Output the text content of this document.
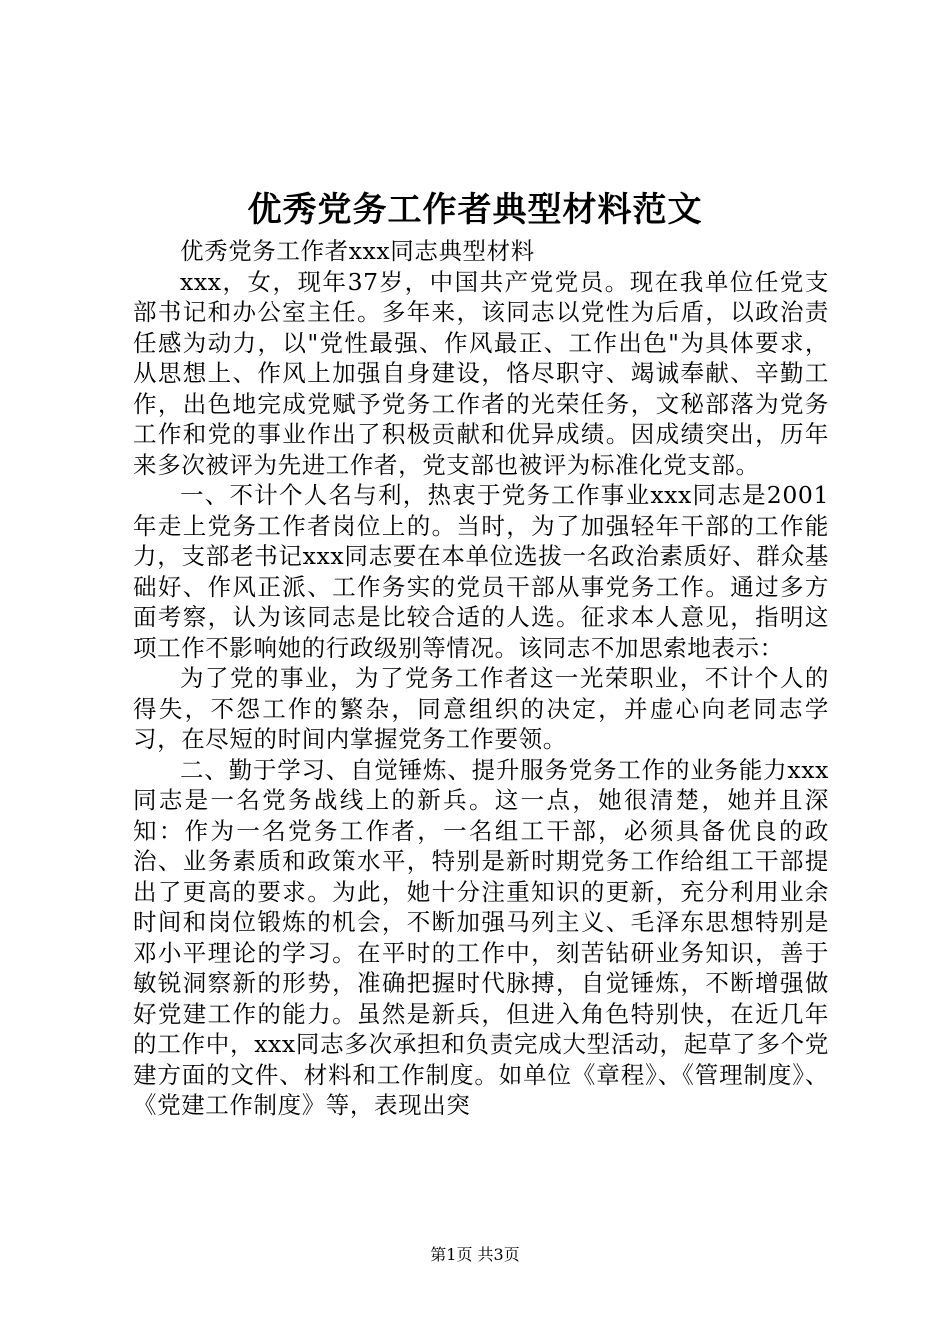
优秀党务工作者典型材料范文

优秀党务工作者xxx同志典型材料

xxx，女，现年37岁，中国共产党党员。现在我单位任党支部书记和办公室主任。多年来，该同志以党性为后盾，以政治责任感为动力，以"党性最强、作风最正、工作出色"为具体要求，从思想上、作风上加强自身建设，恪尽职守、竭诚奉献、辛勤工作，出色地完成党赋予党务工作者的光荣任务，文秘部落为党务工作和党的事业作出了积极贡献和优异成绩。因成绩突出，历年来多次被评为先进工作者，党支部也被评为标准化党支部。

一、不计个人名与利，热衷于党务工作事业xxx同志是2001年走上党务工作者岗位上的。当时，为了加强轻年干部的工作能力，支部老书记xxx同志要在本单位选拔一名政治素质好、群众基础好、作风正派、工作务实的党员干部从事党务工作。通过多方面考察，认为该同志是比较合适的人选。征求本人意见，指明这项工作不影响她的行政级别等情况。该同志不加思索地表示：

为了党的事业，为了党务工作者这一光荣职业，不计个人的得失，不怨工作的繁杂，同意组织的决定，并虚心向老同志学习，在尽短的时间内掌握党务工作要领。

二、勤于学习、自觉锤炼、提升服务党务工作的业务能力xxx同志是一名党务战线上的新兵。这一点，她很清楚，她并且深知：作为一名党务工作者，一名组工干部，必须具备优良的政治、业务素质和政策水平，特别是新时期党务工作给组工干部提出了更高的要求。为此，她十分注重知识的更新，充分利用业余时间和岗位锻炼的机会，不断加强马列主义、毛泽东思想特别是邓小平理论的学习。在平时的工作中，刻苦钻研业务知识，善于敏锐洞察新的形势，准确把握时代脉搏，自觉锤炼，不断增强做好党建工作的能力。虽然是新兵，但进入角色特别快，在近几年的工作中，xxx同志多次承担和负责完成大型活动，起草了多个党建方面的文件、材料和工作制度。如单位《章程》、《管理制度》、《党建工作制度》等，表现出突

第1页 共3页
